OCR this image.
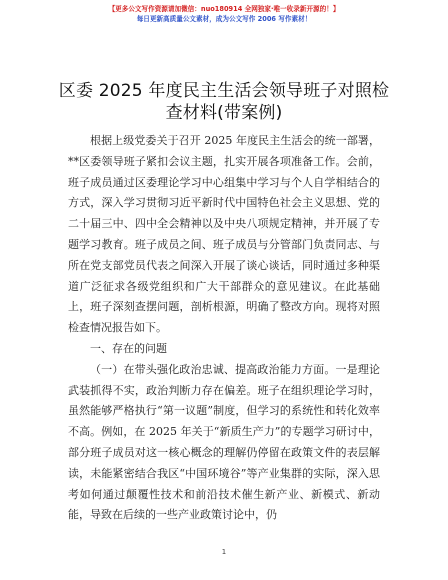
【更多公文写作资源请加微信：nuo180914 全网独家·唯一收录新开源的！】
每日更新高质量公文素材，成为公文写作 2006 写作素材！
区委 2025 年度民主生活会领导班子对照检查材料(带案例)

根据上级党委关于召开 2025 年度民主生活会的统一部署，**区委领导班子紧扣会议主题，扎实开展各项准备工作。会前，班子成员通过区委理论学习中心组集中学习与个人自学相结合的方式，深入学习贯彻习近平新时代中国特色社会主义思想、党的二十届三中、四中全会精神以及中央八项规定精神，并开展了专题学习教育。班子成员之间、班子成员与分管部门负责同志、与所在党支部党员代表之间深入开展了谈心谈话，同时通过多种渠道广泛征求各级党组织和广大干部群众的意见建议。在此基础上，班子深刻查摆问题，剖析根源，明确了整改方向。现将对照检查情况报告如下。

一、存在的问题

（一）在带头强化政治忠诚、提高政治能力方面。一是理论武装抓得不实，政治判断力存在偏差。班子在组织理论学习时，虽然能够严格执行“第一议题”制度，但学习的系统性和转化效率不高。例如，在 2025 年关于“新质生产力”的专题学习研讨中，部分班子成员对这一核心概念的理解仍停留在政策文件的表层解读，未能紧密结合我区“中国环境谷”等产业集群的实际，深入思考如何通过颠覆性技术和前沿技术催生新产业、新模式、新动能，导致在后续的一些产业政策讨论中，仍

1
